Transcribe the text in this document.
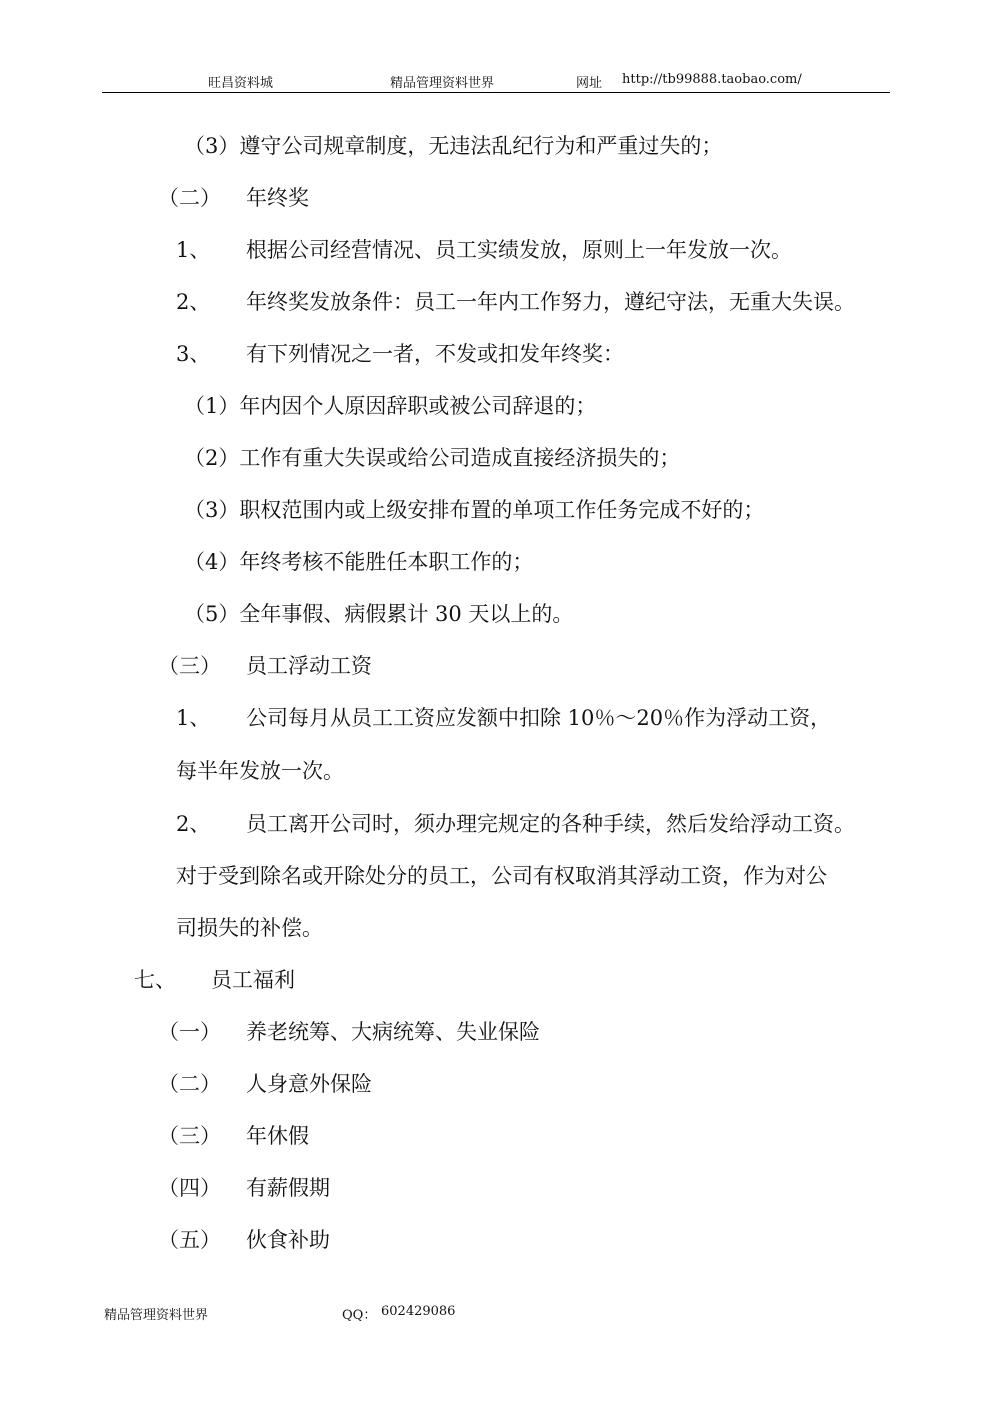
旺昌资料城	精品管理资料世界	网址 http://tb99888.taobao.com/
（3）遵守公司规章制度，无违法乱纪行为和严重过失的；
（二） 年终奖
1、 根据公司经营情况、员工实绩发放，原则上一年发放一次。
2、 年终奖发放条件：员工一年内工作努力，遵纪守法，无重大失误。
3、 有下列情况之一者，不发或扣发年终奖：
（1）年内因个人原因辞职或被公司辞退的；
（2）工作有重大失误或给公司造成直接经济损失的；
（3）职权范围内或上级安排布置的单项工作任务完成不好的；
（4）年终考核不能胜任本职工作的；
（5）全年事假、病假累计 30 天以上的。
（三） 员工浮动工资
1、 公司每月从员工工资应发额中扣除 10％～20％作为浮动工资，
每半年发放一次。
2、 员工离开公司时，须办理完规定的各种手续，然后发给浮动工资。
对于受到除名或开除处分的员工，公司有权取消其浮动工资，作为对公
司损失的补偿。
七、 员工福利
（一） 养老统筹、大病统筹、失业保险
（二） 人身意外保险
（三） 年休假
（四） 有薪假期
（五） 伙食补助
精品管理资料世界	QQ： 602429086
